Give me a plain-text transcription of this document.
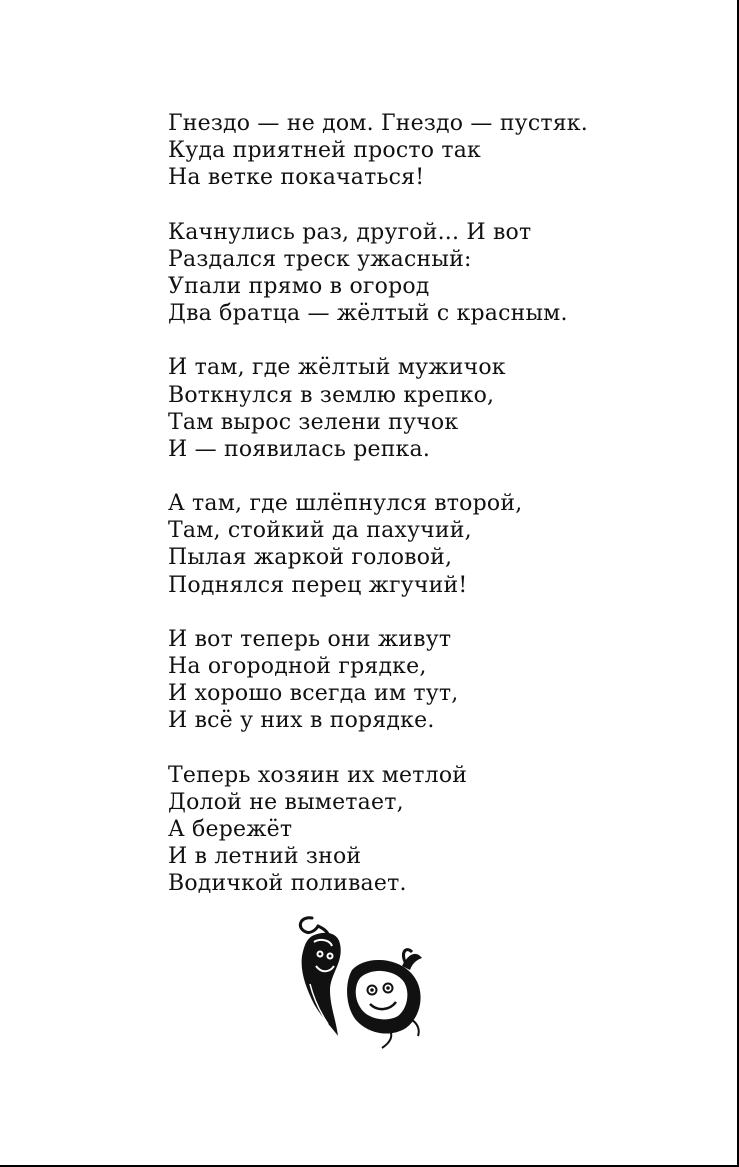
Гнездо — не дом. Гнездо — пустяк.
Куда приятней просто так
На ветке покачаться!
Качнулись раз, другой... И вот
Раздался треск ужасный:
Упали прямо в огород
Два братца — жёлтый с красным.
И там, где жёлтый мужичок
Воткнулся в землю крепко,
Там вырос зелени пучок
И — появилась репка.
А там, где шлёпнулся второй,
Там, стойкий да пахучий,
Пылая жаркой головой,
Поднялся перец жгучий!
И вот теперь они живут
На огородной грядке,
И хорошо всегда им тут,
И всё у них в порядке.
Теперь хозяин их метлой
Долой не выметает,
А бережёт
И в летний зной
Водичкой поливает.
